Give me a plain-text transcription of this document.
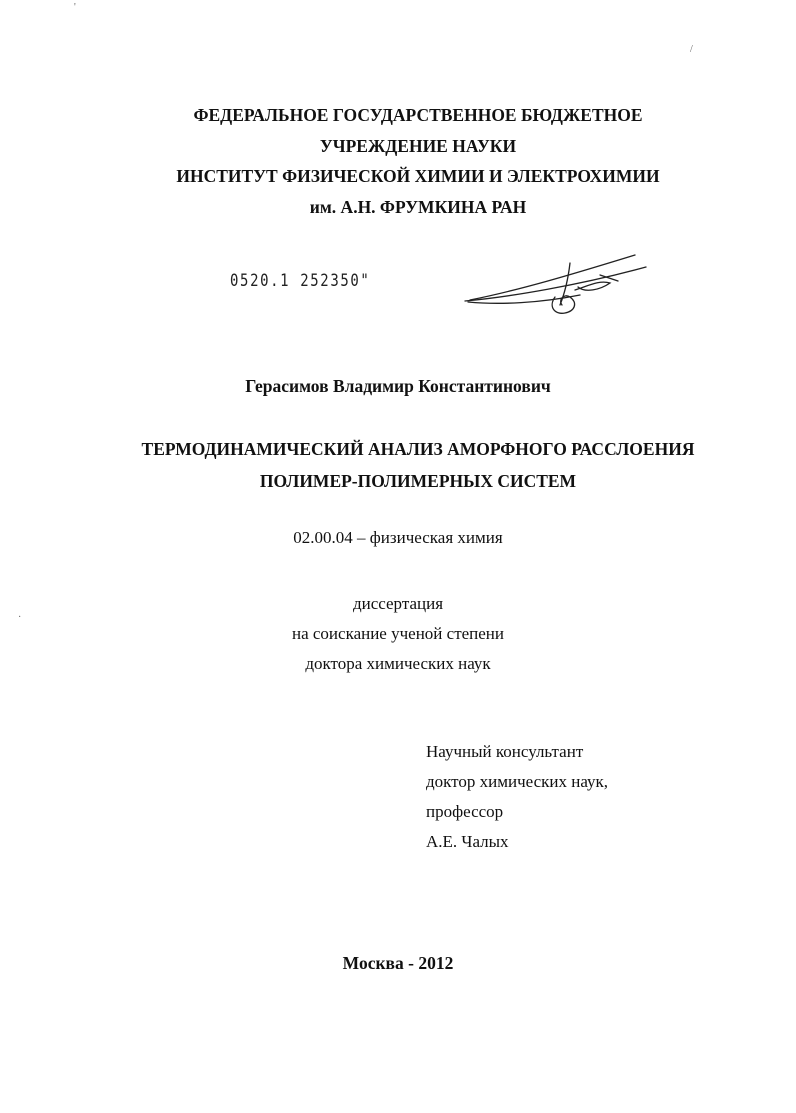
'
/
·
ФЕДЕРАЛЬНОЕ ГОСУДАРСТВЕННОЕ БЮДЖЕТНОЕ
УЧРЕЖДЕНИЕ НАУКИ
ИНСТИТУТ ФИЗИЧЕСКОЙ ХИМИИ И ЭЛЕКТРОХИМИИ
им. А.Н. ФРУМКИНА РАН
0520.1 252350"
Герасимов Владимир Константинович
ТЕРМОДИНАМИЧЕСКИЙ АНАЛИЗ АМОРФНОГО РАССЛОЕНИЯ
ПОЛИМЕР-ПОЛИМЕРНЫХ СИСТЕМ
02.00.04 – физическая химия
диссертация
на соискание ученой степени
доктора химических наук
Научный консультант
доктор химических наук,
профессор
А.Е. Чалых
Москва - 2012
